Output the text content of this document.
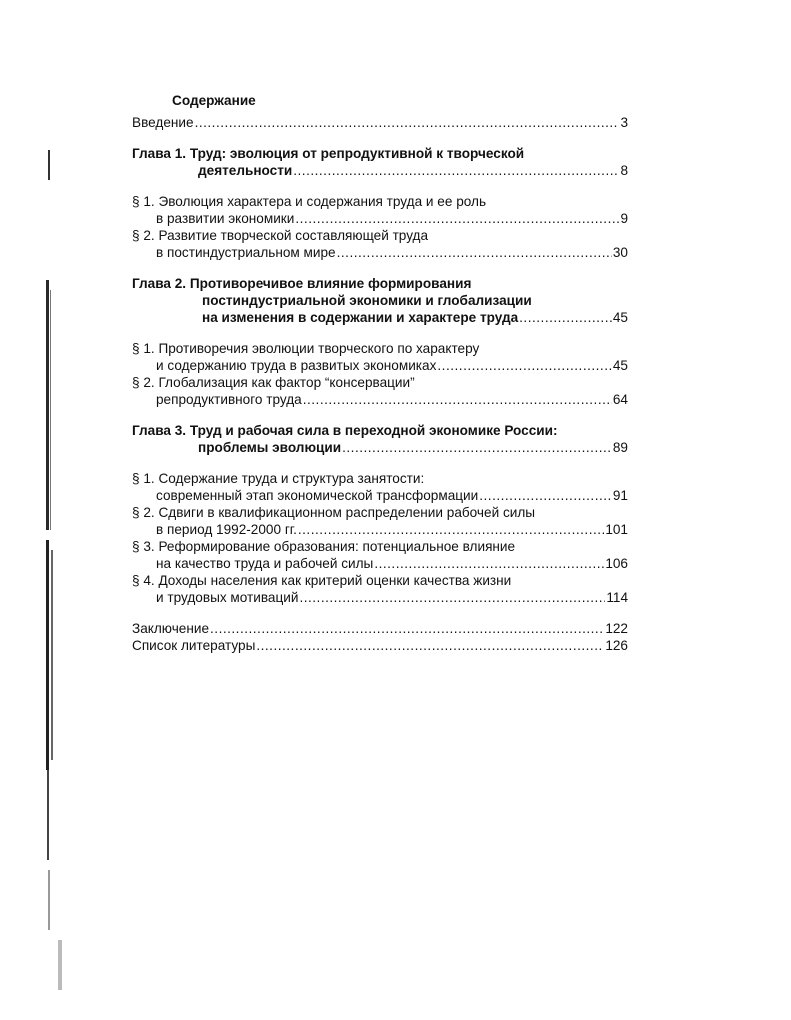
Содержание
Введение .....	3
Глава 1. Труд: эволюция от репродуктивной к творческой
деятельности .....	8
§ 1. Эволюция характера и содержания труда и ее роль
в развитии экономики .....	9
§ 2. Развитие творческой составляющей труда
в постиндустриальном мире .....	30
Глава 2. Противоречивое влияние формирования
постиндустриальной экономики и глобализации
на изменения в содержании и характере труда .....	45
§ 1. Противоречия эволюции творческого по характеру
и содержанию труда в развитых экономиках .....	45
§ 2. Глобализация как фактор “консервации”
репродуктивного труда .....	64
Глава 3. Труд и рабочая сила в переходной экономике России:
проблемы эволюции .....	89
§ 1. Содержание труда и структура занятости:
современный этап экономической трансформации .....	91
§ 2. Сдвиги в квалификационном распределении рабочей силы
в период 1992-2000 гг. .....	101
§ 3. Реформирование образования: потенциальное влияние
на качество труда и рабочей силы .....	106
§ 4. Доходы населения как критерий оценки качества жизни
и трудовых мотиваций .....	114
Заключение .....	122
Список литературы .....	126
